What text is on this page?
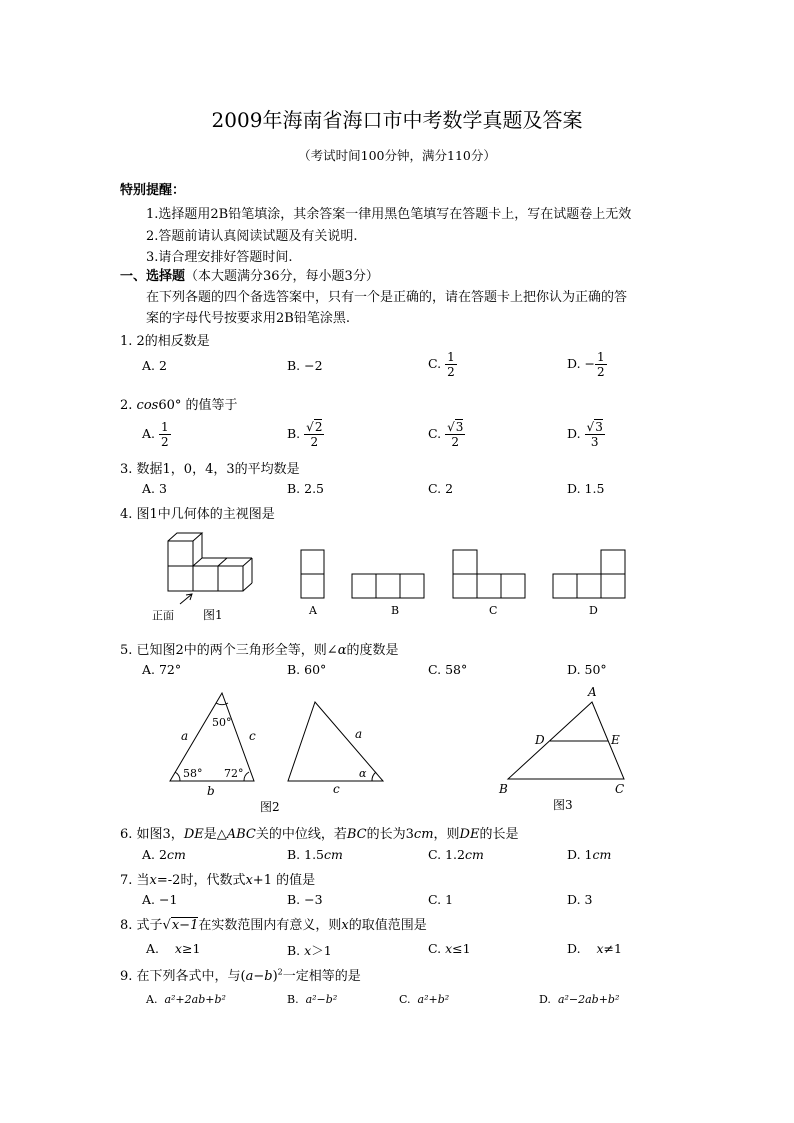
2009年海南省海口市中考数学真题及答案
（考试时间100分钟，满分110分）
特别提醒：
1.选择题用2B铅笔填涂，其余答案一律用黑色笔填写在答题卡上，写在试题卷上无效
2.答题前请认真阅读试题及有关说明.
3.请合理安排好答题时间.
一、选择题（本大题满分36分，每小题3分）
在下列各题的四个备选答案中，只有一个是正确的，请在答题卡上把你认为正确的答
案的字母代号按要求用2B铅笔涂黑.
1. 2的相反数是
A. 2	B. −2	C. $\frac{1}{2}$	D. − $\frac{1}{2}$
2. cos60° 的值等于
A. $\frac{1}{2}$	B. $\frac{√2}{2}$	C. $\frac{√3}{2}$	D. $\frac{√3}{3}$
3. 数据1，0，4，3的平均数是
A. 3	B. 2.5	C. 2	D. 1.5
4. 图1中几何体的主视图是
正面 图1	A	B	C	D
5. 已知图2中的两个三角形全等，则∠α的度数是
A. 72°	B. 60°	C. 58°	D. 50°
50°
58° 72°
a	c
b
a
c
α
图2
A
D	E
B	C
图3
6. 如图3，DE是△ABC关的中位线，若BC的长为3cm，则DE的长是
A. 2cm	B. 1.5cm	C. 1.2cm	D. 1cm
7. 当x=-2时，代数式x+1 的值是
A. −1	B. −3	C. 1	D. 3
8. 式子√x−1在实数范围内有意义，则x的取值范围是
A. x≥1	B. x＞1	C. x≤1	D. x≠1
9. 在下列各式中，与$(a-b)^2$一定相等的是
A. a²+2ab+b²	B. a²−b²	C. a²+b²	D. a²−2ab+b²
